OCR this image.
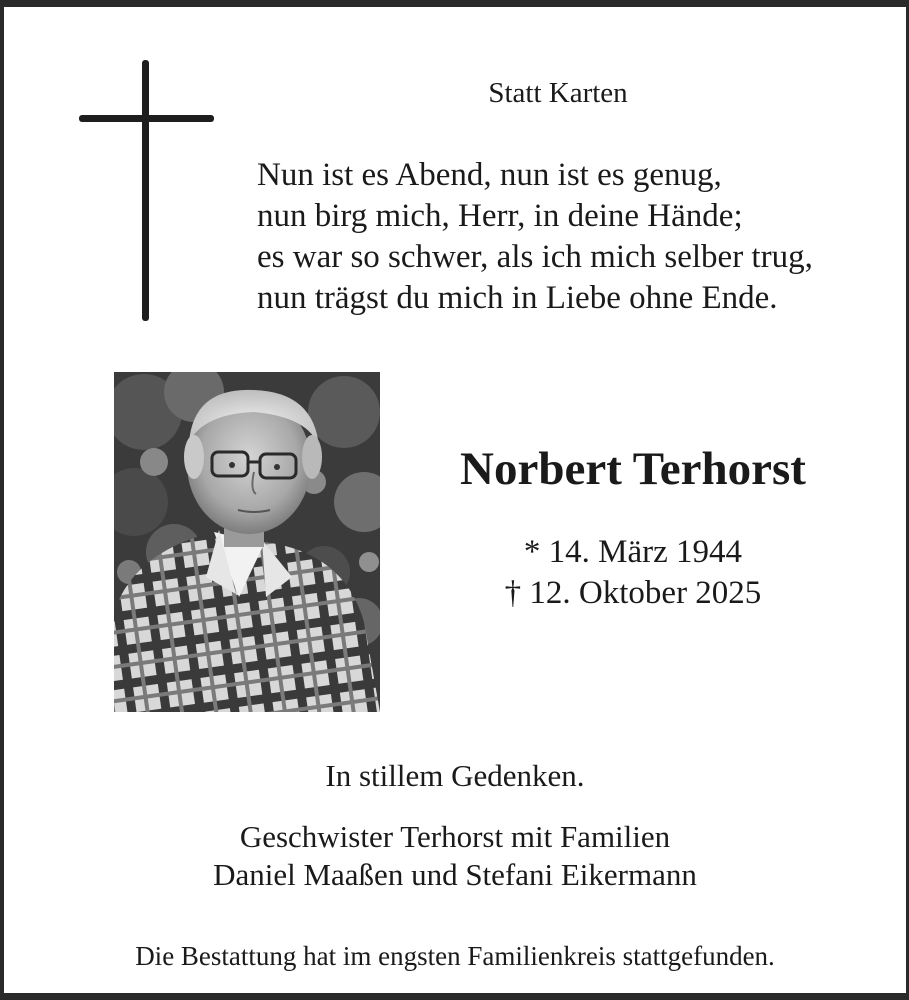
Statt Karten
Nun ist es Abend, nun ist es genug,
nun birg mich, Herr, in deine Hände;
es war so schwer, als ich mich selber trug,
nun trägst du mich in Liebe ohne Ende.
Norbert Terhorst
* 14. März 1944
† 12. Oktober 2025
In stillem Gedenken.
Geschwister Terhorst mit Familien
Daniel Maaßen und Stefani Eikermann
Die Bestattung hat im engsten Familienkreis stattgefunden.
